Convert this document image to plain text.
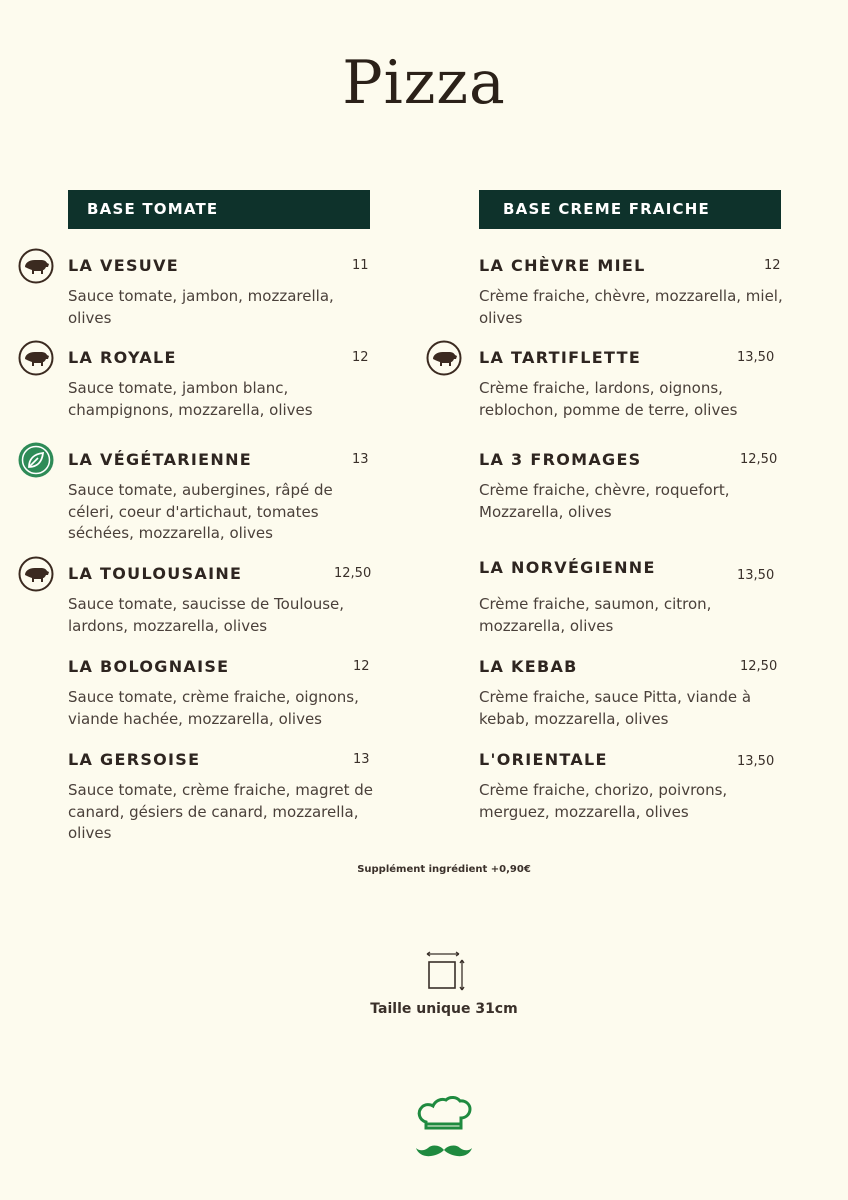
Pizza
BASE TOMATE
LA VESUVE	11
Sauce tomate, jambon, mozzarella, olives
LA ROYALE	12
Sauce tomate, jambon blanc, champignons, mozzarella, olives
LA VÉGÉTARIENNE	13
Sauce tomate, aubergines, râpé de céleri, coeur d'artichaut, tomates séchées, mozzarella, olives
LA TOULOUSAINE	12,50
Sauce tomate, saucisse de Toulouse, lardons, mozzarella, olives
LA BOLOGNAISE	12
Sauce tomate, crème fraiche, oignons, viande hachée, mozzarella, olives
LA GERSOISE	13
Sauce tomate, crème fraiche, magret de canard, gésiers de canard, mozzarella, olives
BASE CREME FRAICHE
LA CHÈVRE MIEL	12
Crème fraiche, chèvre, mozzarella, miel, olives
LA TARTIFLETTE	13,50
Crème fraiche, lardons, oignons, reblochon, pomme de terre, olives
LA 3 FROMAGES	12,50
Crème fraiche, chèvre, roquefort, Mozzarella, olives
LA NORVÉGIENNE	13,50
Crème fraiche, saumon, citron, mozzarella, olives
LA KEBAB	12,50
Crème fraiche, sauce Pitta, viande à kebab, mozzarella, olives
L'ORIENTALE	13,50
Crème fraiche, chorizo, poivrons, merguez, mozzarella, olives
Supplément ingrédient +0,90€
Taille unique 31cm
